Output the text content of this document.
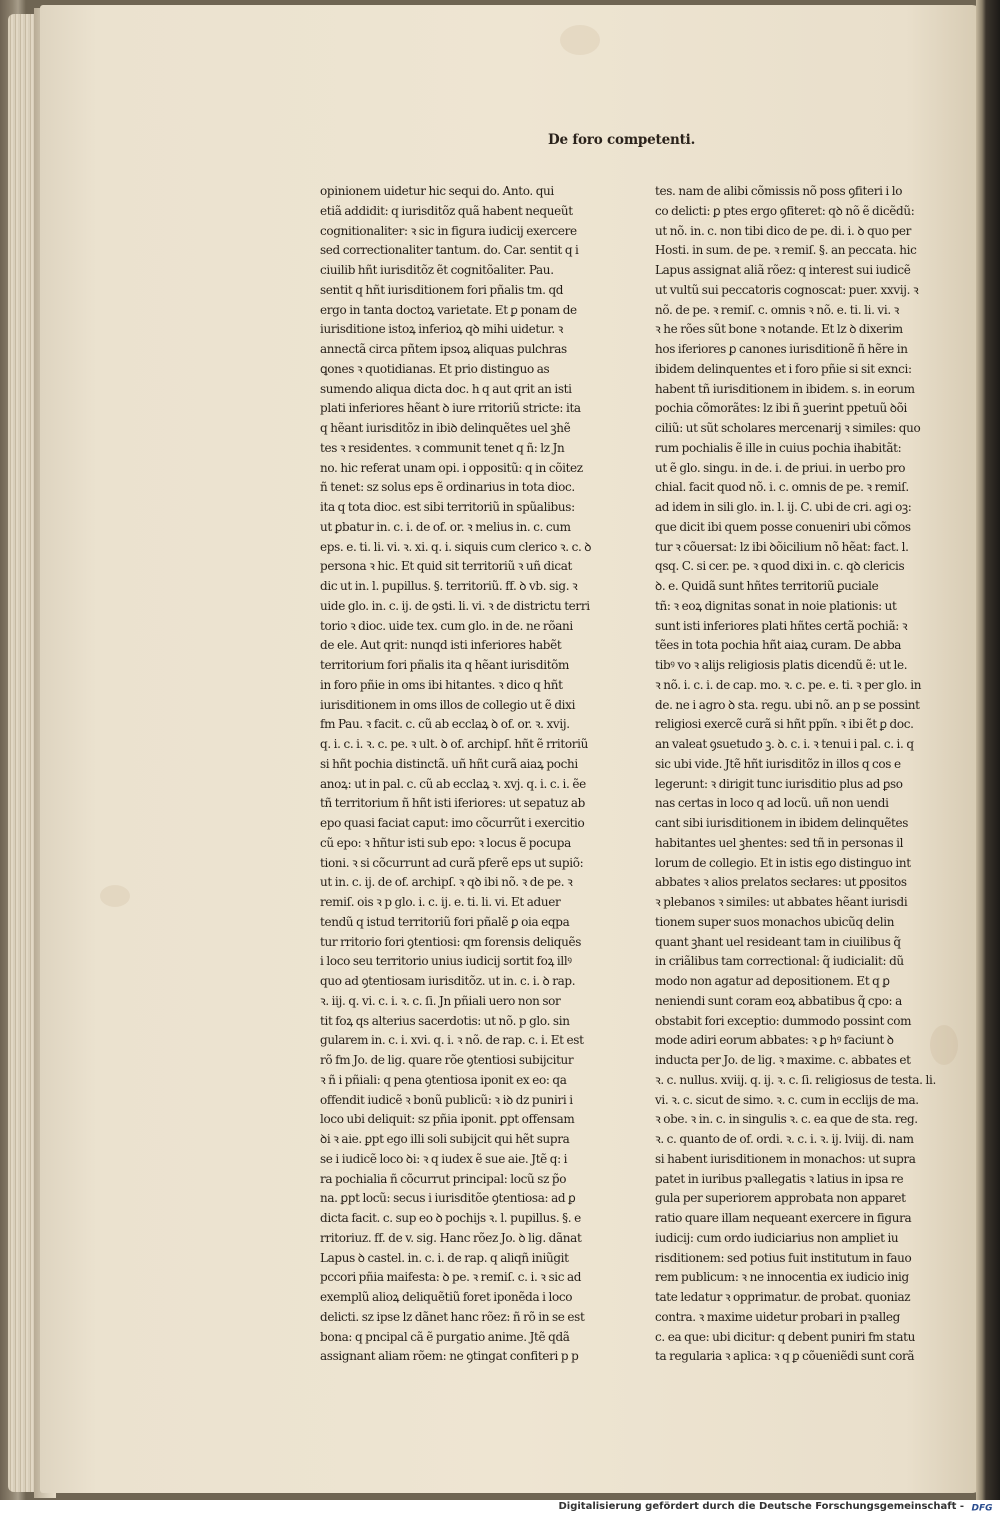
De foro competenti.
opinionem uidetur hic sequi do. Anto. qui
etiã addidit: q iurisditõz quã habent nequeũt
cognitionaliter: ꝛ sic in figura iudicij exercere
sed correctionaliter tantum. do. Car. sentit q i
ciuilib hñt iurisditõz ẽt cognitõaliter. Pau.
sentit q hñt iurisditionem fori pñalis tm. qd
ergo in tanta doctoꝝ varietate. Et ꝑ ponam de
iurisditione istoꝝ inferioꝝ qꝺ mihi uidetur. ꝛ
annectã circa pñtem ipsoꝝ aliquas pulchras
ꝗones ꝛ quotidianas. Et prio distinguo as
sumendo aliqua dicta doc. h q aut qrit an isti
plati inferiores hẽant ꝺ iure rritoriũ stricte: ita
q hẽant iurisditõz in ibiꝺ delinquẽtes uel ꝫhẽ
tes ꝛ residentes. ꝛ communit tenet q ñ: lz Jn
no. hic referat unam opi. i oppositũ: q in cõitez
ñ tenet: sz solus eps ẽ ordinarius in tota dioc.
ita q tota dioc. est sibi territoriũ in spũalibus:
ut ꝑbatur in. c. i. de of. or. ꝛ melius in. c. cum
eps. e. ti. li. vi. ꝛ. xi. q. i. siquis cum clerico ꝛ. c. ꝺ
persona ꝛ hic. Et quid sit territoriũ ꝛ uñ dicat
dic ut in. l. pupillus. §. territoriũ. ff. ꝺ vb. sig. ꝛ
uide glo. in. c. ij. de ꝯsti. li. vi. ꝛ de districtu terri
torio ꝛ dioc. uide tex. cum glo. in de. ne rõani
de ele. Aut qrit: nunqd isti inferiores habẽt
territorium fori pñalis ita q hẽant iurisditõm
in foro pñie in oms ibi hitantes. ꝛ dico q hñt
iurisditionem in oms illos de collegio ut ẽ dixi
fm Pau. ꝛ facit. c. cũ ab ecclaꝝ ꝺ of. or. ꝛ. xvij.
q. i. c. i. ꝛ. c. pe. ꝛ ult. ꝺ of. archipſ. hñt ẽ rritoriũ
si hñt pochia distinctã. uñ hñt curã aiaꝝ pochi
anoꝝ: ut in pal. c. cũ ab ecclaꝝ ꝛ. xvj. q. i. c. i. ẽe
tñ territorium ñ hñt isti iferiores: ut sepatuz ab
epo quasi faciat caput: imo cõcurrũt i exercitio
cũ epo: ꝛ hñtur isti sub epo: ꝛ locus ẽ pocupa
tioni. ꝛ si cõcurrunt ad curã pferẽ eps ut supiõ:
ut in. c. ij. de of. archipſ. ꝛ qꝺ ibi nõ. ꝛ de pe. ꝛ
remiſ. ois ꝛ p glo. i. c. ij. e. ti. li. vi. Et aduer
tendũ q istud territoriũ fori pñalẽ ꝑ oia eqpa
tur rritorio fori ꝯtentiosi: qm forensis deliquẽs
i loco seu territorio unius iudicij sortit foꝝ illꝰ
quo ad ꝯtentiosam iurisditõz. ut in. c. i. ꝺ rap.
ꝛ. iij. q. vi. c. i. ꝛ. c. ſi. Jn pñiali uero non sor
tit foꝝ qs alterius sacerdotis: ut nõ. p glo. sin
gularem in. c. i. xvi. q. i. ꝛ nõ. de rap. c. i. Et est
rõ fm Jo. de lig. quare rõe ꝯtentiosi subijcitur
ꝛ ñ i pñiali: q pena ꝯtentiosa iponit ex eo: qa
offendit iudicẽ ꝛ bonũ publicũ: ꝛ iꝺ dz puniri i
loco ubi deliquit: sz pñia iponit. ꝑpt offensam
ꝺi ꝛ aie. ꝑpt ego illi soli subijcit qui hẽt supra
se i iudicẽ loco ꝺi: ꝛ q iudex ẽ sue aie. Jtẽ q: i
ra pochialia ñ cõcurrut principal: locũ sz p̃o
na. ꝑpt locũ: secus i iurisditõe ꝯtentiosa: ad ꝑ
dicta facit. c. sup eo ꝺ pochijs ꝛ. l. pupillus. §. e
rritoriuz. ff. de v. sig. Hanc rõez Jo. ꝺ lig. dãnat
Lapus ꝺ castel. in. c. i. de rap. q aliqñ iniũgit
pccori pñia maifesta: ꝺ pe. ꝛ remiſ. c. i. ꝛ sic ad
exemplũ alioꝝ deliquẽtiũ foret iponẽda i loco
delicti. sz ipse lz dãnet hanc rõez: ñ rõ in se est
bona: q pncipal cã ẽ purgatio anime. Jtẽ qdã
assignant aliam rõem: ne ꝯtingat confiteri p p
tes. nam de alibi cõmissis nõ poss ꝯfiteri i lo
co delicti: ꝑ ptes ergo ꝯfiteret: qꝺ nõ ẽ dicẽdũ:
ut nõ. in. c. non tibi dico de pe. di. i. ꝺ quo per
Hosti. in sum. de pe. ꝛ remiſ. §. an peccata. hic
Lapus assignat aliã rõez: q interest sui iudicẽ
ut vultũ sui peccatoris cognoscat: puer. xxvij. ꝛ
nõ. de pe. ꝛ remiſ. c. omnis ꝛ nõ. e. ti. li. vi. ꝛ
ꝛ he rões sũt bone ꝛ notande. Et lz ꝺ dixerim
hos iferiores ꝑ canones iurisditionẽ ñ hẽre in
ibidem delinquentes et i foro pñie si sit exnci:
habent tñ iurisditionem in ibidem. s. in eorum
pochia cõmorãtes: lz ibi ñ ꝫuerint ppetuũ ꝺõi
ciliũ: ut sũt scholares mercenarij ꝛ similes: quo
rum pochialis ẽ ille in cuius pochia ihabitãt:
ut ẽ glo. singu. in de. i. de priui. in uerbo pro
chial. facit quod nõ. i. c. omnis de pe. ꝛ remiſ.
ad idem in sili glo. in. l. ij. C. ubi de cri. agi oꝫ:
que dicit ibi quem posse conueniri ubi cõmos
tur ꝛ cõuersat: lz ibi ꝺõicilium nõ hẽat: fact. l.
qsq. C. si cer. pe. ꝛ quod dixi in. c. qꝺ clericis
ꝺ. e. Quidã sunt hñtes territoriũ ꝑuciale
tñ: ꝛ eoꝝ dignitas sonat in noie plationis: ut
sunt isti inferiores plati hñtes certã pochiã: ꝛ
tẽes in tota pochia hñt aiaꝝ curam. De abba
tibꝰ vo ꝛ alijs religiosis platis dicendũ ẽ: ut le.
ꝛ nõ. i. c. i. de cap. mo. ꝛ. c. pe. e. ti. ꝛ per glo. in
de. ne i agro ꝺ sta. regu. ubi nõ. an p se possint
religiosi exercẽ curã si hñt ppĩn. ꝛ ibi ẽt ꝑ doc.
an valeat ꝯsuetudo ꝫ. ꝺ. c. i. ꝛ tenui i pal. c. i. q
sic ubi vide. Jtẽ hñt iurisditõz in illos q cos e
legerunt: ꝛ dirigit tunc iurisditio plus ad ꝑso
nas certas in loco q ad locũ. uñ non uendi
cant sibi iurisditionem in ibidem delinquẽtes
habitantes uel ꝫhentes: sed tñ in personas il
lorum de collegio. Et in istis ego distinguo int
abbates ꝛ alios prelatos secłares: ut ꝑpositos
ꝛ plebanos ꝛ similes: ut abbates hẽant iurisdi
tionem super suos monachos ubicũq delin
quant ꝫhant uel resideant tam in ciuilibus q̃
in criãlibus tam correctional: q̃ iudicialit: dũ
modo non agatur ad depositionem. Et q ꝑ
neniendi sunt coram eoꝝ abbatibus q̃ cpo: a
obstabit fori exceptio: dummodo possint com
mode adiri eorum abbates: ꝛ ꝑ hꝰ faciunt ꝺ
inducta per Jo. de lig. ꝛ maxime. c. abbates et
ꝛ. c. nullus. xviij. q. ij. ꝛ. c. ſi. religiosus de testa. li.
vi. ꝛ. c. sicut de simo. ꝛ. c. cum in ecclijs de ma.
ꝛ obe. ꝛ in. c. in singulis ꝛ. c. ea que de sta. reg.
ꝛ. c. quanto de of. ordi. ꝛ. c. i. ꝛ. ij. lviij. di. nam
si habent iurisditionem in monachos: ut supra
patet in iuribus pꝛallegatis ꝛ latius in ipsa re
gula per superiorem approbata non apparet
ratio quare illam nequeant exercere in figura
iudicij: cum ordo iudiciarius non ampliet iu
risditionem: sed potius fuit institutum in fauo
rem publicum: ꝛ ne innocentia ex iudicio inig
tate ledatur ꝛ opprimatur. de probat. quoniaz
contra. ꝛ maxime uidetur probari in pꝛalleg
c. ea que: ubi dicitur: q debent puniri fm statu
ta regularia ꝛ aplica: ꝛ q ꝑ cõueniẽdi sunt corã
Digitalisierung gefördert durch die Deutsche Forschungsgemeinschaft - DFG
